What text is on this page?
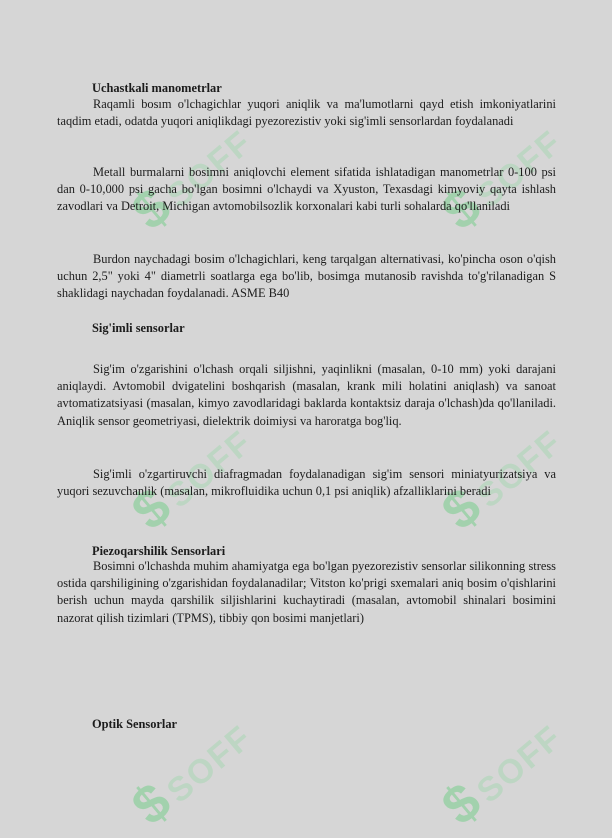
$SOFF	$SOFF
$SOFF	$SOFF
$SOFF	$SOFF
Uchastkali manometrlar

Raqamli bosım o'lchagichlar yuqori aniqlik va ma'lumotlarni qayd etish imkoniyatlarini taqdim etadi, odatda yuqori aniqlikdagi pyezorezistiv yoki sig'imli sensorlardan foydalanadi

Metall burmalarni bosimni aniqlovchi element sifatida ishlatadigan manometrlar 0-100 psi dan 0-10,000 psi gacha bo'lgan bosimni o'lchaydi va Xyuston, Texasdagi kimyoviy qayta ishlash zavodlari va Detroit, Michigan avtomobilsozlik korxonalari kabi turli sohalarda qo'llaniladi

Burdon naychadagi bosim o'lchagichlari, keng tarqalgan alternativasi, ko'pincha oson o'qish uchun 2,5" yoki 4" diametrli soatlarga ega bo'lib, bosimga mutanosib ravishda to'g'rilanadigan S shaklidagi naychadan foydalanadi. ASME B40

Sig'imli sensorlar

Sig'im o'zgarishini o'lchash orqali siljishni, yaqinlikni (masalan, 0-10 mm) yoki darajani aniqlaydi. Avtomobil dvigatelini boshqarish (masalan, krank mili holatini aniqlash) va sanoat avtomatizatsiyasi (masalan, kimyo zavodlaridagi baklarda kontaktsiz daraja o'lchash)da qo'llaniladi. Aniqlik sensor geometriyasi, dielektrik doimiysi va haroratga bog'liq.

Sig'imli o'zgartiruvchi diafragmadan foydalanadigan sig'im sensori miniatyurizatsiya va yuqori sezuvchanlik (masalan, mikrofluidika uchun 0,1 psi aniqlik) afzalliklarini beradi

Piezoqarshilik Sensorlari

Bosimni o'lchashda muhim ahamiyatga ega bo'lgan pyezorezistiv sensorlar silikonning stress ostida qarshiligining o'zgarishidan foydalanadilar; Vitston ko'prigi sxemalari aniq bosim o'qishlarini berish uchun mayda qarshilik siljishlarini kuchaytiradi (masalan, avtomobil shinalari bosimini nazorat qilish tizimlari (TPMS), tibbiy qon bosimi manjetlari)

Optik Sensorlar
